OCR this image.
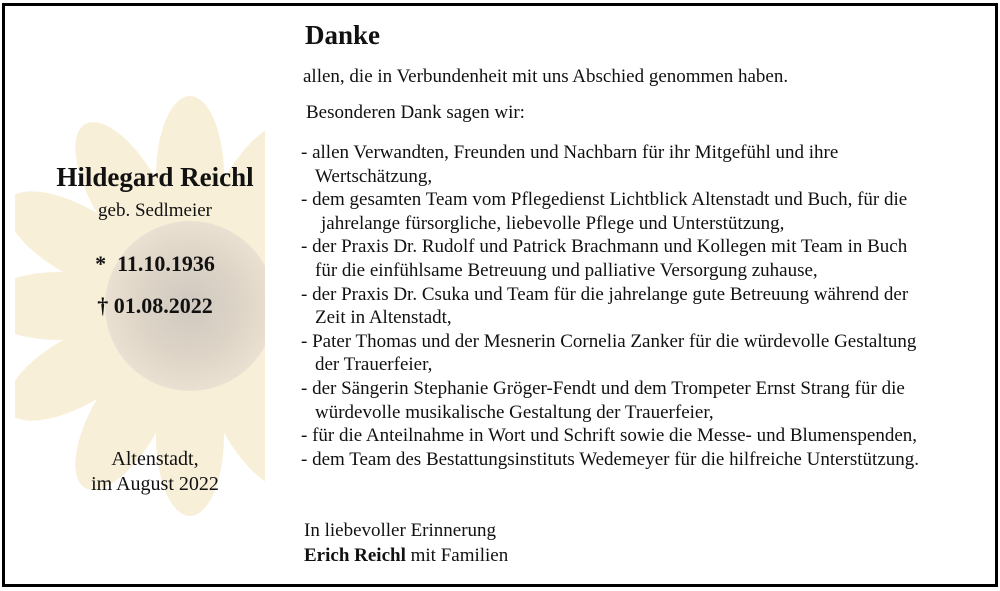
Hildegard Reichl
geb. Sedlmeier
*  11.10.1936
† 01.08.2022
Altenstadt,
im August 2022
Danke
allen, die in Verbundenheit mit uns Abschied genommen haben.
Besonderen Dank sagen wir:
- allen Verwandten, Freunden und Nachbarn für ihr Mitgefühl und ihre
Wertschätzung,
- dem gesamten Team vom Pflegedienst Lichtblick Altenstadt und Buch, für die
jahrelange fürsorgliche, liebevolle Pflege und Unterstützung,
- der Praxis Dr. Rudolf und Patrick Brachmann und Kollegen mit Team in Buch
für die einfühlsame Betreuung und palliative Versorgung zuhause,
- der Praxis Dr. Csuka und Team für die jahrelange gute Betreuung während der
Zeit in Altenstadt,
- Pater Thomas und der Mesnerin Cornelia Zanker für die würdevolle Gestaltung
der Trauerfeier,
- der Sängerin Stephanie Gröger-Fendt und dem Trompeter Ernst Strang für die
würdevolle musikalische Gestaltung der Trauerfeier,
- für die Anteilnahme in Wort und Schrift sowie die Messe- und Blumenspenden,
- dem Team des Bestattungsinstituts Wedemeyer für die hilfreiche Unterstützung.
In liebevoller Erinnerung
Erich Reichl mit Familien
